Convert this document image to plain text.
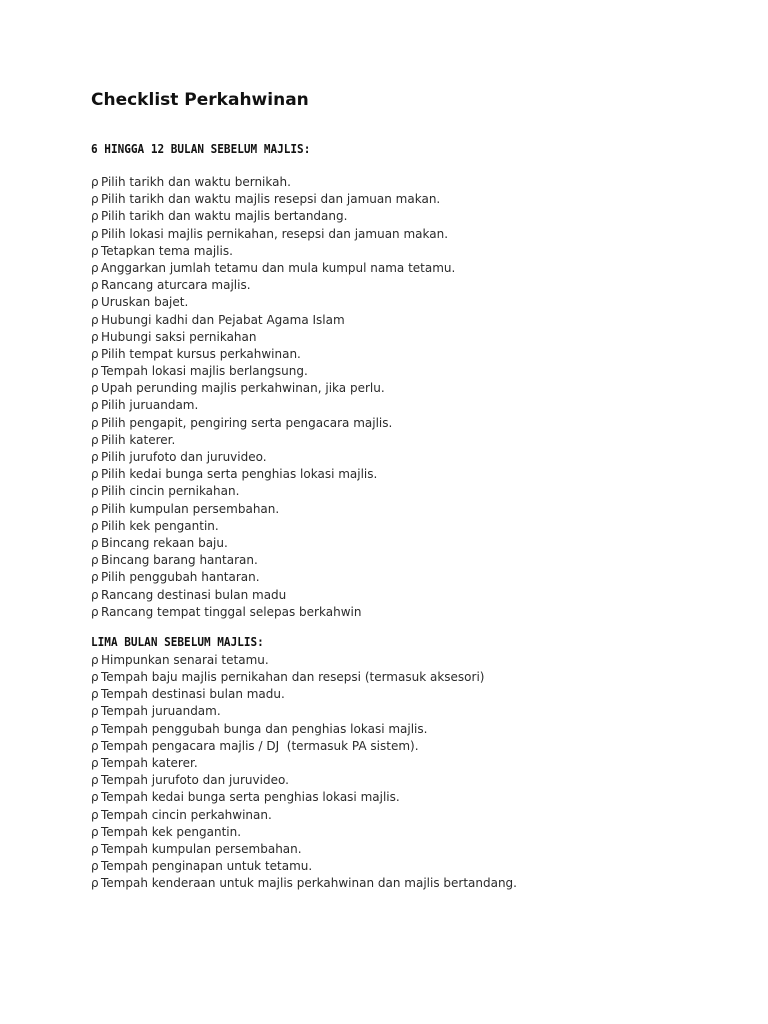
Checklist Perkahwinan
6 HINGGA 12 BULAN SEBELUM MAJLIS:
ρ Pilih tarikh dan waktu bernikah.
ρ Pilih tarikh dan waktu majlis resepsi dan jamuan makan.
ρ Pilih tarikh dan waktu majlis bertandang.
ρ Pilih lokasi majlis pernikahan, resepsi dan jamuan makan.
ρ Tetapkan tema majlis.
ρ Anggarkan jumlah tetamu dan mula kumpul nama tetamu.
ρ Rancang aturcara majlis.
ρ Uruskan bajet.
ρ Hubungi kadhi dan Pejabat Agama Islam
ρ Hubungi saksi pernikahan
ρ Pilih tempat kursus perkahwinan.
ρ Tempah lokasi majlis berlangsung.
ρ Upah perunding majlis perkahwinan, jika perlu.
ρ Pilih juruandam.
ρ Pilih pengapit, pengiring serta pengacara majlis.
ρ Pilih katerer.
ρ Pilih jurufoto dan juruvideo.
ρ Pilih kedai bunga serta penghias lokasi majlis.
ρ Pilih cincin pernikahan.
ρ Pilih kumpulan persembahan.
ρ Pilih kek pengantin.
ρ Bincang rekaan baju.
ρ Bincang barang hantaran.
ρ Pilih penggubah hantaran.
ρ Rancang destinasi bulan madu
ρ Rancang tempat tinggal selepas berkahwin
LIMA BULAN SEBELUM MAJLIS:
ρ Himpunkan senarai tetamu.
ρ Tempah baju majlis pernikahan dan resepsi (termasuk aksesori)
ρ Tempah destinasi bulan madu.
ρ Tempah juruandam.
ρ Tempah penggubah bunga dan penghias lokasi majlis.
ρ Tempah pengacara majlis / DJ  (termasuk PA sistem).
ρ Tempah katerer.
ρ Tempah jurufoto dan juruvideo.
ρ Tempah kedai bunga serta penghias lokasi majlis.
ρ Tempah cincin perkahwinan.
ρ Tempah kek pengantin.
ρ Tempah kumpulan persembahan.
ρ Tempah penginapan untuk tetamu.
ρ Tempah kenderaan untuk majlis perkahwinan dan majlis bertandang.
